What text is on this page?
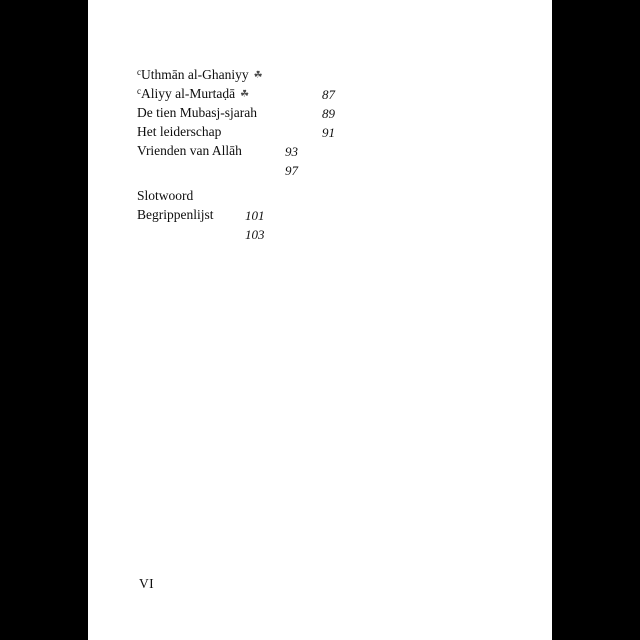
$^c$Uthmān al-Ghaniyy ☘
87
$^c$Aliyy al-Murtaḍā ☘
89
De tien Mubasj-sjarah
91
Het leiderschap
93
Vrienden van Allāh
97
Slotwoord
101
Begrippenlijst
103
VI
